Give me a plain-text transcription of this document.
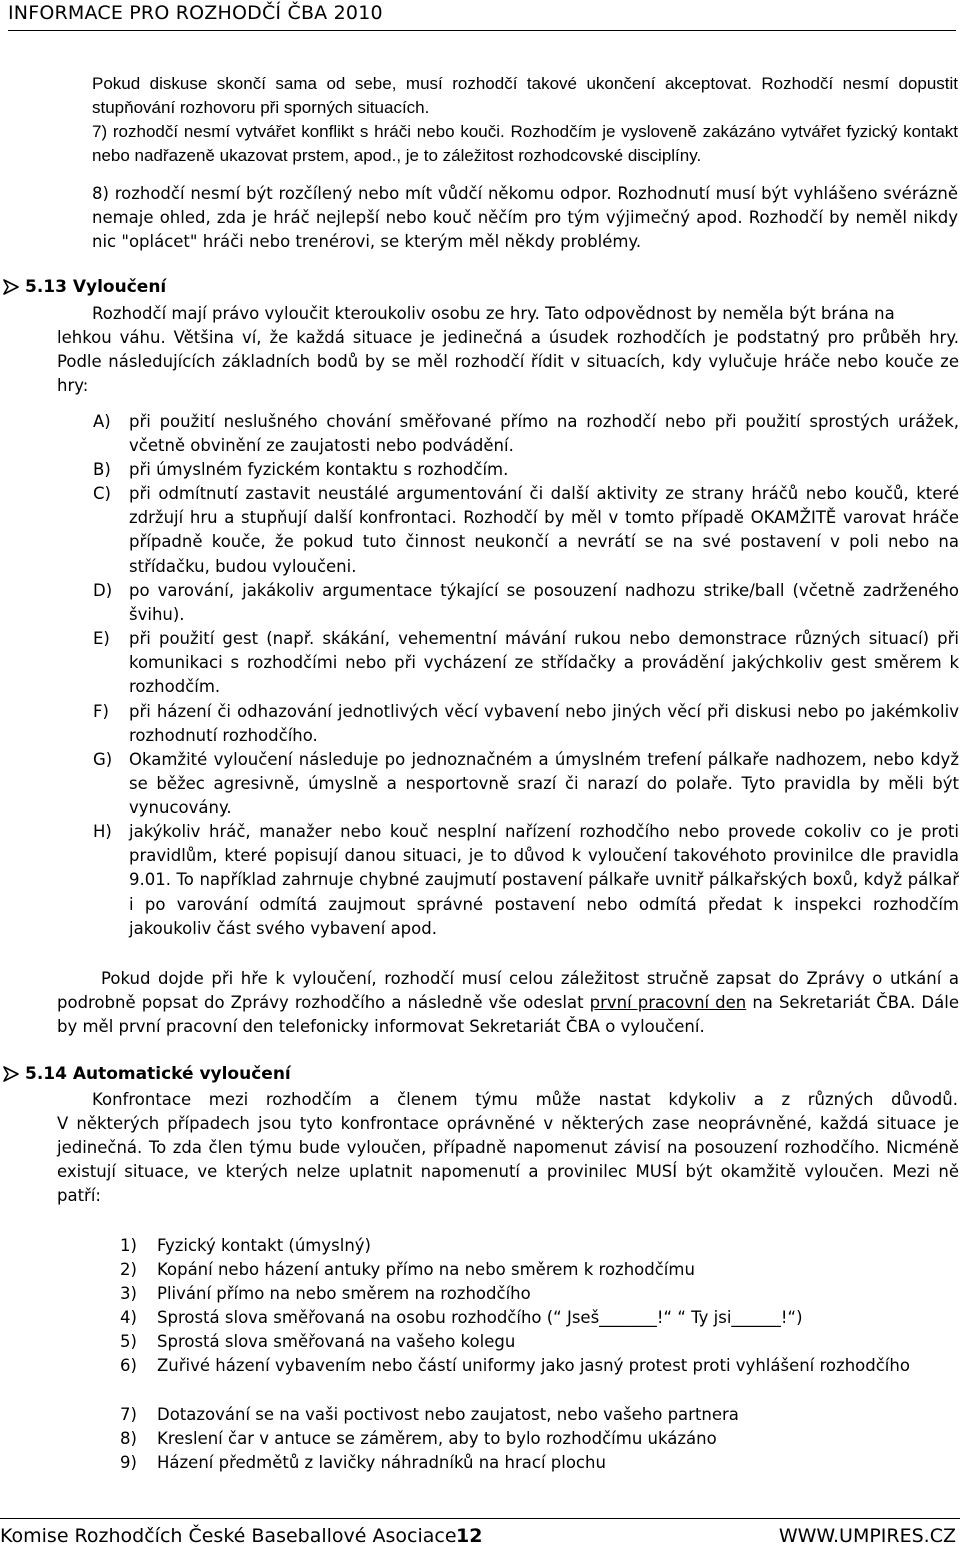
INFORMACE PRO ROZHODČÍ ČBA 2010

Pokud diskuse skončí sama od sebe, musí rozhodčí takové ukončení akceptovat. Rozhodčí nesmí dopustit stupňování rozhovoru při sporných situacích.

7) rozhodčí nesmí vytvářet konflikt s hráči nebo kouči. Rozhodčím je vysloveně zakázáno vytvářet fyzický kontakt nebo nadřazeně ukazovat prstem, apod., je to záležitost rozhodcovské disciplíny.

8) rozhodčí nesmí být rozčílený nebo mít vůdčí někomu odpor. Rozhodnutí musí být vyhlášeno svérázně nemaje ohled, zda je hráč nejlepší nebo kouč něčím pro tým výjimečný apod. Rozhodčí by neměl nikdy nic "oplácet" hráči nebo trenérovi, se kterým měl někdy problémy.

5.13 Vyloučení

Rozhodčí mají právo vyloučit kteroukoliv osobu ze hry. Tato odpovědnost by neměla být brána na

lehkou váhu. Většina ví, že každá situace je jedinečná a úsudek rozhodčích je podstatný pro průběh hry. Podle následujících základních bodů by se měl rozhodčí řídit v situacích, kdy vylučuje hráče nebo kouče ze hry:

A) při použití neslušného chování směřované přímo na rozhodčí nebo při použití sprostých urážek, včetně obvinění ze zaujatosti nebo podvádění.

B) při úmyslném fyzickém kontaktu s rozhodčím.

C) při odmítnutí zastavit neustálé argumentování či další aktivity ze strany hráčů nebo koučů, které zdržují hru a stupňují další konfrontaci. Rozhodčí by měl v tomto případě OKAMŽITĚ varovat hráče případně kouče, že pokud tuto činnost neukončí a nevrátí se na své postavení v poli nebo na střídačku, budou vyloučeni.

D) po varování, jakákoliv argumentace týkající se posouzení nadhozu strike/ball (včetně zadrženého švihu).

E) při použití gest (např. skákání, vehementní mávání rukou nebo demonstrace různých situací) při komunikaci s rozhodčími nebo při vycházení ze střídačky a provádění jakýchkoliv gest směrem k rozhodčím.

F) při házení či odhazování jednotlivých věcí vybavení nebo jiných věcí při diskusi nebo po jakémkoliv rozhodnutí rozhodčího.

G) Okamžité vyloučení následuje po jednoznačném a úmyslném trefení pálkaře nadhozem, nebo když se běžec agresivně, úmyslně a nesportovně srazí či narazí do polaře. Tyto pravidla by měli být vynucovány.

H) jakýkoliv hráč, manažer nebo kouč nesplní nařízení rozhodčího nebo provede cokoliv co je proti pravidlům, které popisují danou situaci, je to důvod k vyloučení takovéhoto provinilce dle pravidla 9.01. To například zahrnuje chybné zaujmutí postavení pálkaře uvnitř pálkařských boxů, když pálkař i po varování odmítá zaujmout správné postavení nebo odmítá předat k inspekci rozhodčím jakoukoliv část svého vybavení apod.

Pokud dojde při hře k vyloučení, rozhodčí musí celou záležitost stručně zapsat do Zprávy o utkání a podrobně popsat do Zprávy rozhodčího a následně vše odeslat první pracovní den na Sekretariát ČBA. Dále by měl první pracovní den telefonicky informovat Sekretariát ČBA o vyloučení.

5.14 Automatické vyloučení

Konfrontace mezi rozhodčím a členem týmu může nastat kdykoliv a z různých důvodů.

V některých případech jsou tyto konfrontace oprávněné v některých zase neoprávněné, každá situace je jedinečná. To zda člen týmu bude vyloučen, případně napomenut závisí na posouzení rozhodčího. Nicméně existují situace, ve kterých nelze uplatnit napomenutí a provinilec MUSÍ být okamžitě vyloučen. Mezi ně patří:

1) Fyzický kontakt (úmyslný)

2) Kopání nebo házení antuky přímo na nebo směrem k rozhodčímu

3) Plivání přímo na nebo směrem na rozhodčího

4) Sprostá slova směřovaná na osobu rozhodčího (“ Jseš_______!“ “ Ty jsi______!“)

5) Sprostá slova směřovaná na vašeho kolegu

6) Zuřivé házení vybavením nebo částí uniformy jako jasný protest proti vyhlášení rozhodčího

7) Dotazování se na vaši poctivost nebo zaujatost, nebo vašeho partnera

8) Kreslení čar v antuce se záměrem, aby to bylo rozhodčímu ukázáno

9) Házení předmětů z lavičky náhradníků na hrací plochu

Komise Rozhodčích České Baseballové Asociace 12	WWW.UMPIRES.CZ
